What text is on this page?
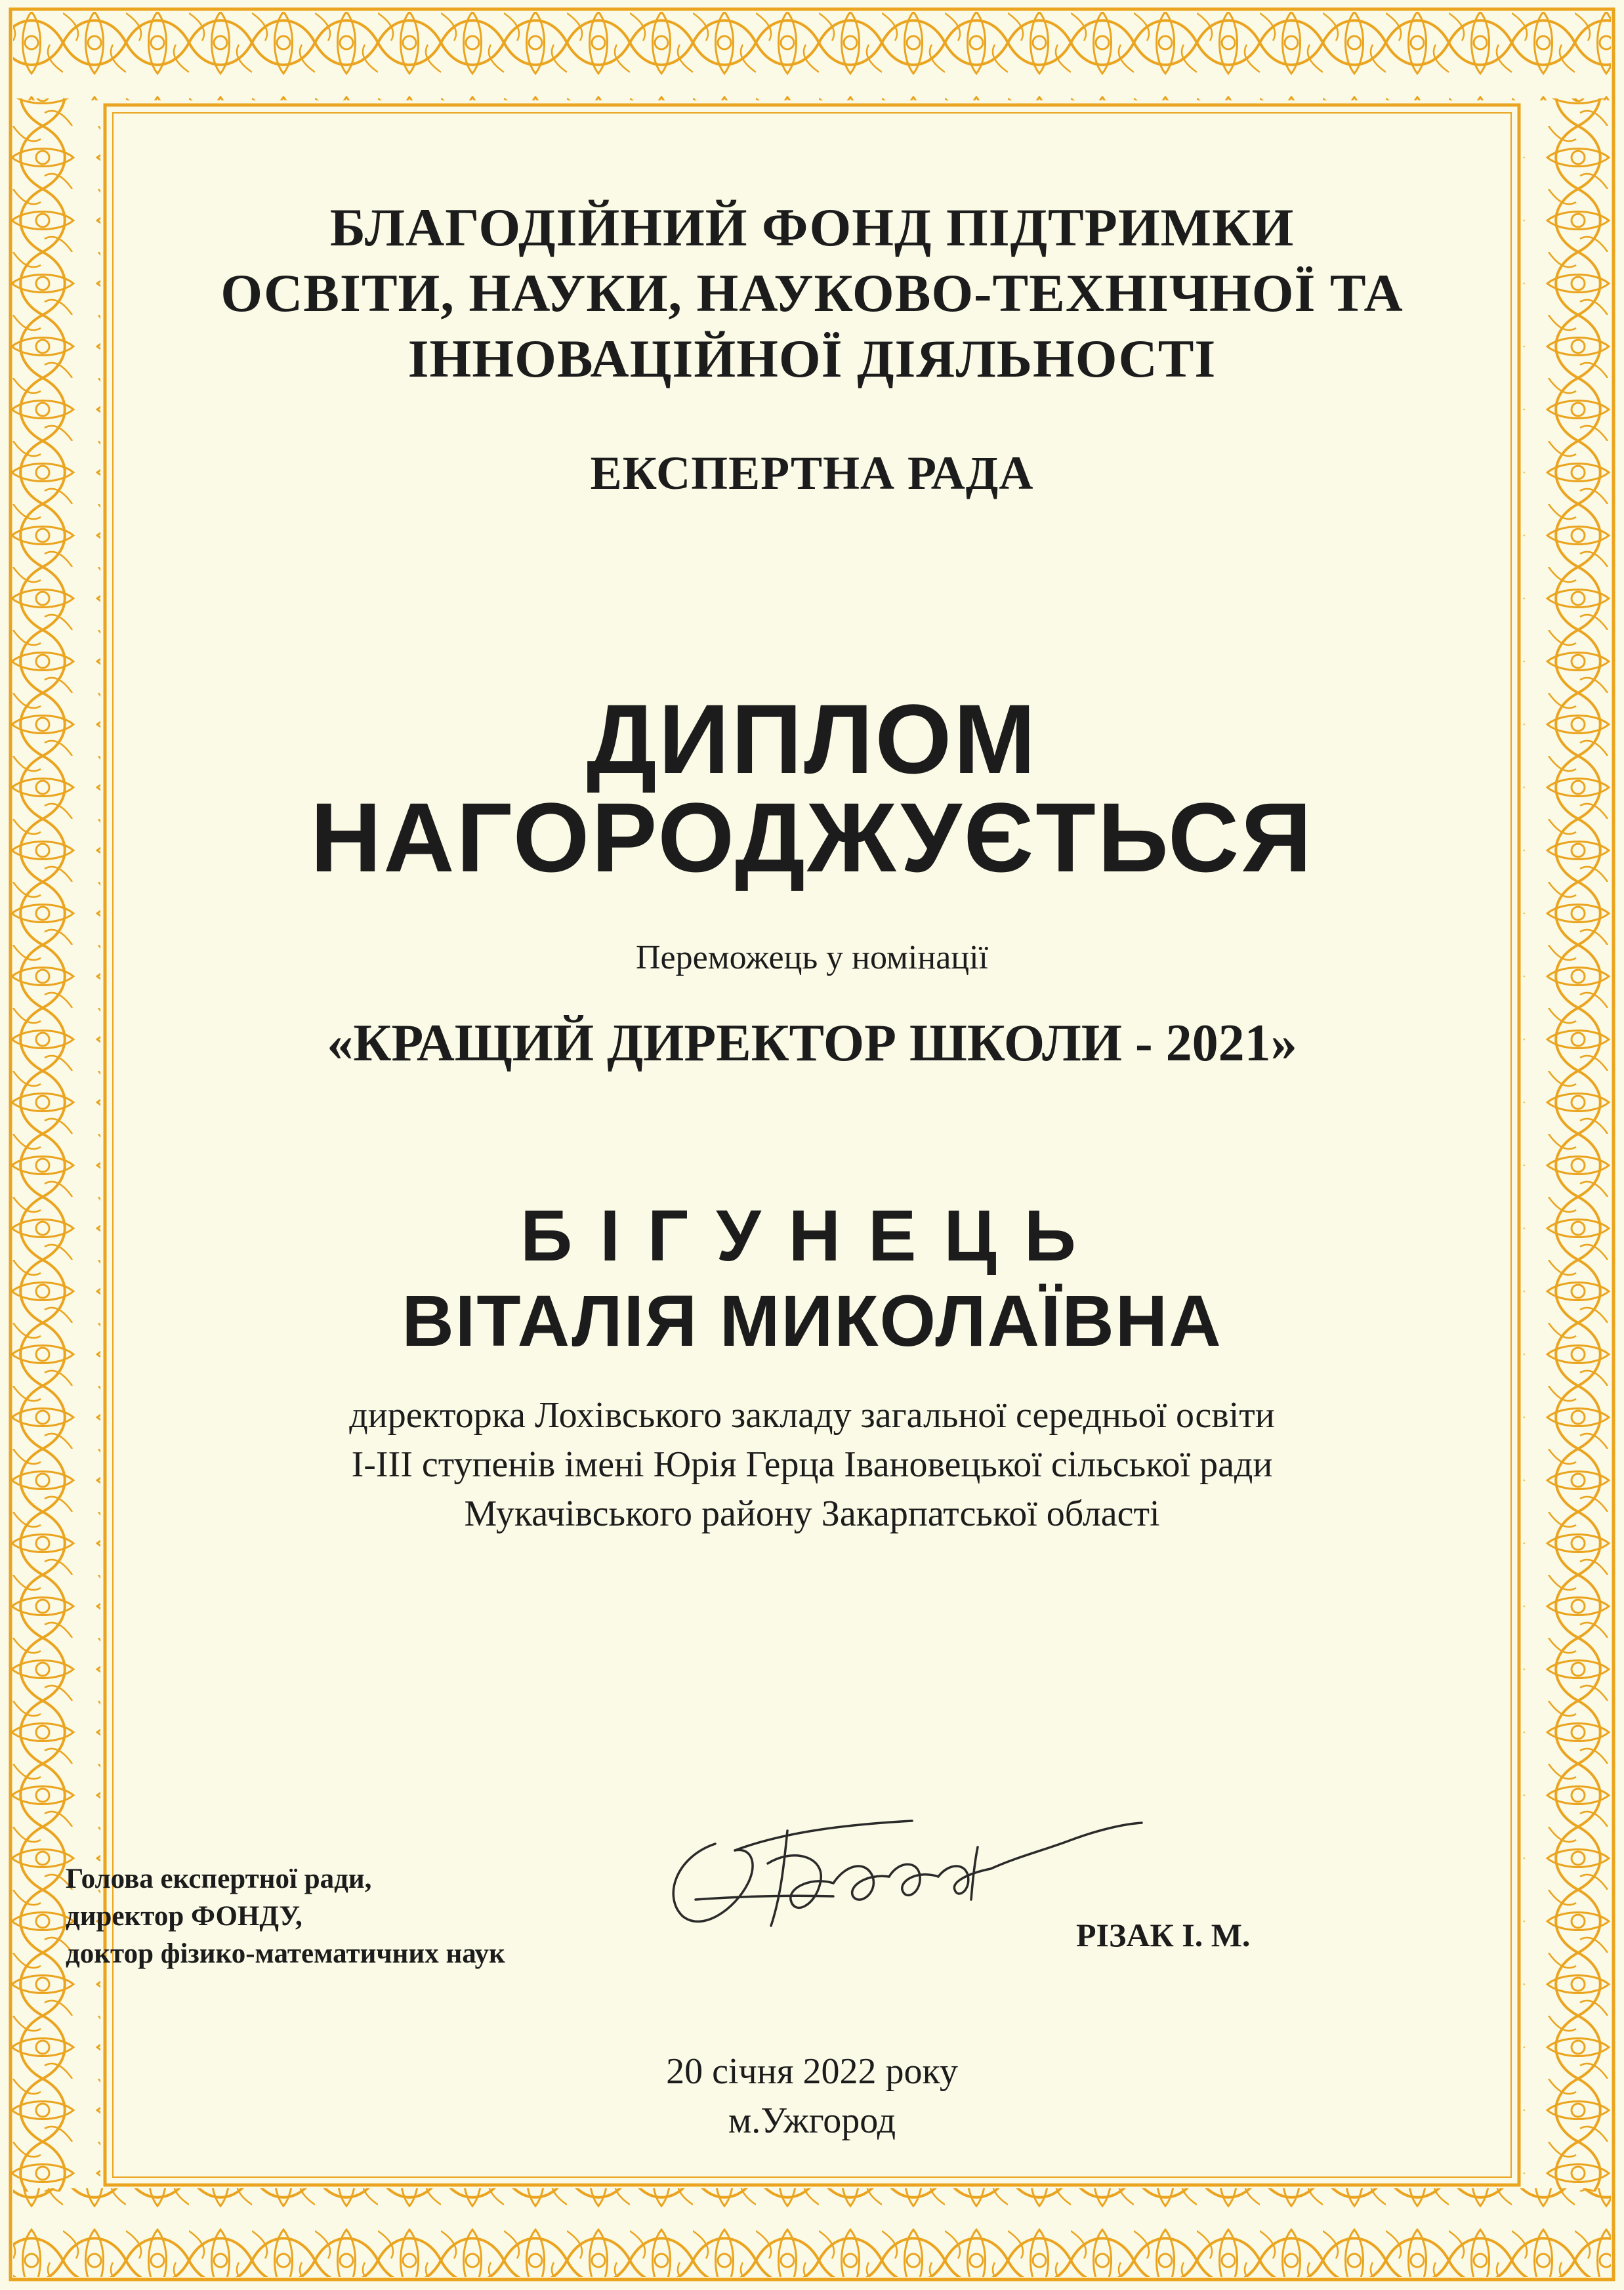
БЛАГОДІЙНИЙ ФОНД ПІДТРИМКИ
ОСВІТИ, НАУКИ, НАУКОВО-ТЕХНІЧНОЇ ТА
ІННОВАЦІЙНОЇ ДІЯЛЬНОСТІ
ЕКСПЕРТНА РАДА
ДИПЛОМ
НАГОРОДЖУЄТЬСЯ
Переможець у номінації
«КРАЩИЙ ДИРЕКТОР ШКОЛИ - 2021»
БІГУНЕЦЬ
ВІТАЛІЯ МИКОЛАЇВНА
директорка Лохівського закладу загальної середньої освіти
І-ІІІ ступенів імені Юрія Герца Івановецької сільської ради
Мукачівського району Закарпатської області
20 січня 2022 року
м.Ужгород
Голова експертної ради,
директор ФОНДУ,
доктор фізико-математичних наук
РІЗАК І. М.
